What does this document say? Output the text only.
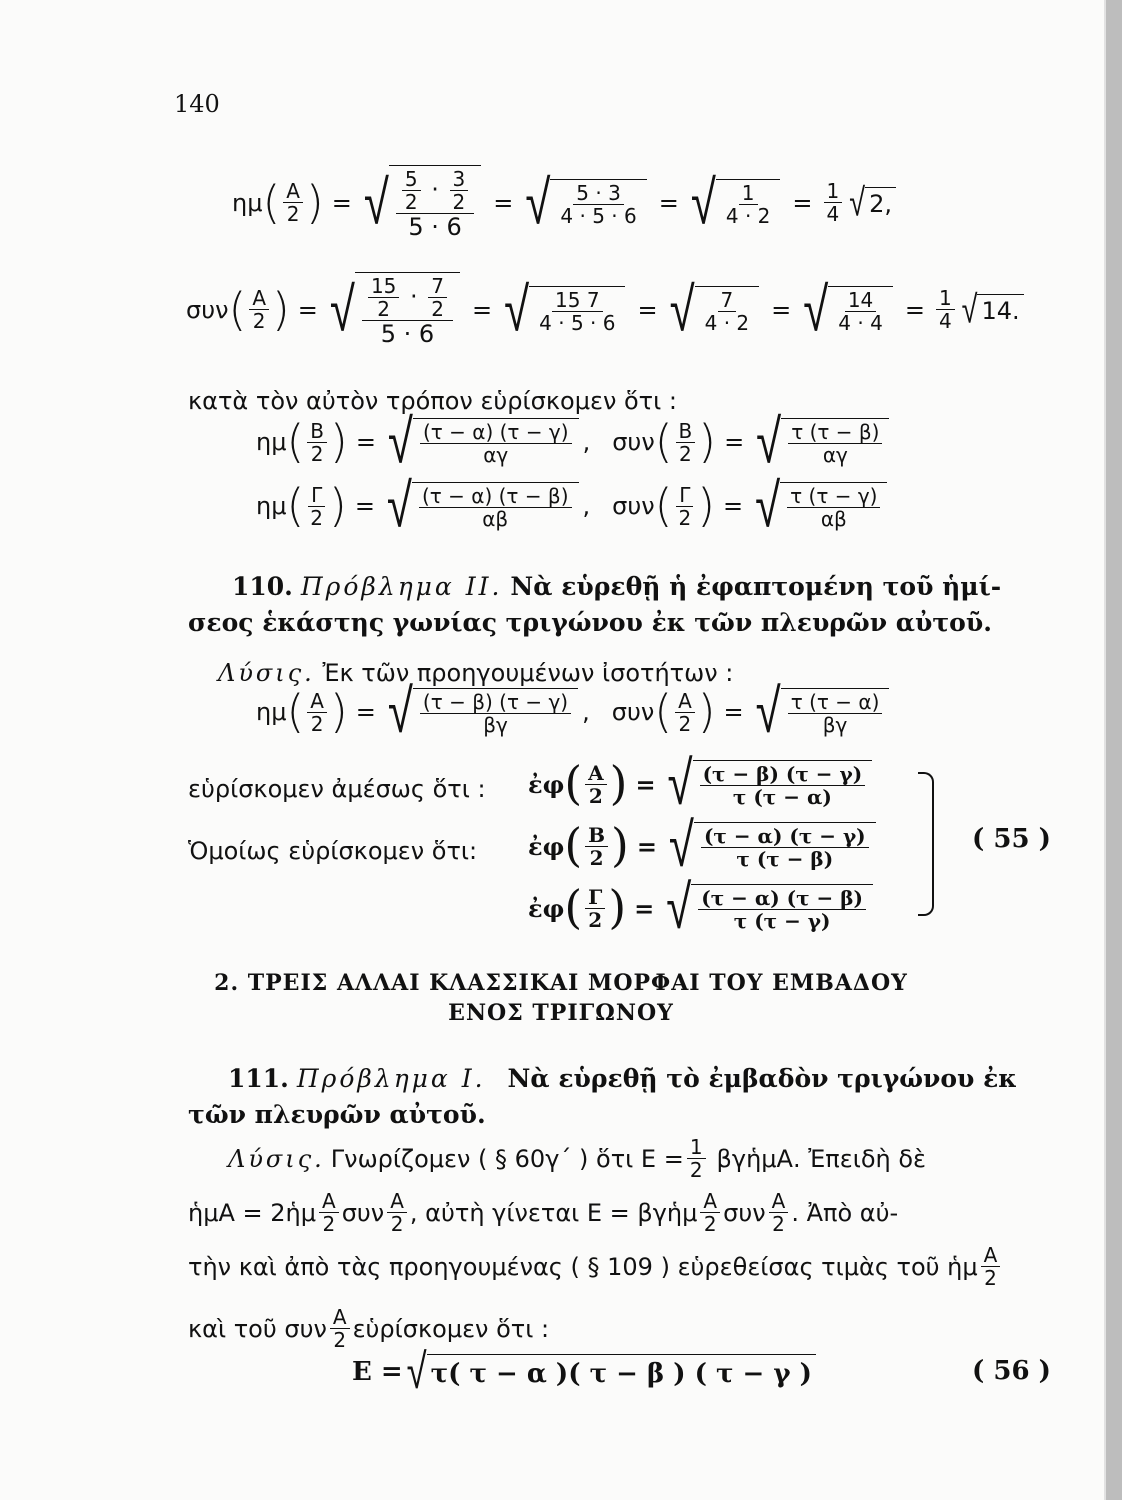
140
ημ ( $\frac{A}{2}$ ) = √ $\frac{\frac{5}{2} \cdot \frac{3}{2}}{5 \cdot 6}$ = √ $\frac{5 \cdot 3}{4 \cdot 5 \cdot 6}$ = √ $\frac{1}{4 \cdot 2} = \frac{1}{4}$ √ 2,
συν ( $\frac{A}{2}$ ) = √ $\frac{\frac{15}{2} \cdot \frac{7}{2}}{5 \cdot 6}$ = √ $\frac{15 7}{4 \cdot 5 \cdot 6}$ = √ $\frac{7}{4 \cdot 2}$ = √ $\frac{14}{4 \cdot 4} = \frac{1}{4}$ √ 14.
κατὰ τὸν αὐτὸν τρόπον εὑρίσκομεν ὅτι :
ημ ( $\frac{B}{2}$ ) = √ $\frac{(\tau - \alpha) (\tau - \gamma)}{\alpha\gamma}$ , συν ( $\frac{B}{2}$ ) = √ $\frac{\tau (\tau - \beta)}{\alpha\gamma}$
ημ ( $\frac{\Gamma}{2}$ ) = √ $\frac{(\tau - \alpha) (\tau - \beta)}{\alpha\beta}$ , συν ( $\frac{\Gamma}{2}$ ) = √ $\frac{\tau (\tau - \gamma)}{\alpha\beta}$
110. Πρόβλημα ΙΙ. Νὰ εὑρεθῇ ἡ ἐφαπτομένη τοῦ ἡμί-
σεος ἑκάστης γωνίας τριγώνου ἐκ τῶν πλευρῶν αὐτοῦ.
Λύσις. Ἐκ τῶν προηγουμένων ἰσοτήτων :
ημ ( $\frac{A}{2}$ ) = √ $\frac{(\tau - \beta) (\tau - \gamma)}{\beta\gamma}$ , συν ( $\frac{A}{2}$ ) = √ $\frac{\tau (\tau - \alpha)}{\beta\gamma}$
εὑρίσκομεν ἀμέσως ὅτι :
Ὁμοίως εὑρίσκομεν ὅτι:
ἐφ ( $\frac{A}{2}$ ) = √ $\frac{(\tau - \beta) (\tau - \gamma)}{\tau (\tau - \alpha)}$
ἐφ ( $\frac{B}{2}$ ) = √ $\frac{(\tau - \alpha) (\tau - \gamma)}{\tau (\tau - \beta)}$
ἐφ ( $\frac{\Gamma}{2}$ ) = √ $\frac{(\tau - \alpha) (\tau - \beta)}{\tau (\tau - \gamma)}$
( 55 )
2. ΤΡΕΙΣ ΑΛΛΑΙ ΚΛΑΣΣΙΚΑΙ ΜΟΡΦΑΙ ΤΟΥ ΕΜΒΑΔΟΥ
ΕΝΟΣ ΤΡΙΓΩΝΟΥ
111. Πρόβλημα Ι. Νὰ εὑρεθῇ τὸ ἐμβαδὸν τριγώνου ἐκ
τῶν πλευρῶν αὐτοῦ.
Λύσις. Γνωρίζομεν ( § 60γ΄ ) ὅτι $E = \frac{1}{2}$ βγἡμΑ. Ἐπειδὴ δὲ
ἡμΑ = 2ἡμ $\frac{A}{2}$ συν $\frac{A}{2}$ , αὐτὴ γίνεται Ε = βγἡμ $\frac{A}{2}$ συν $\frac{A}{2}$ . Ἀπὸ αὐ-
τὴν καὶ ἀπὸ τὰς προηγουμένας ( § 109 ) εὑρεθείσας τιμὰς τοῦ ἡμ $\frac{A}{2}$
καὶ τοῦ συν $\frac{A}{2}$ εὑρίσκομεν ὅτι :
Ε = √ τ( τ − α )( τ − β ) ( τ − γ )	( 56 )
